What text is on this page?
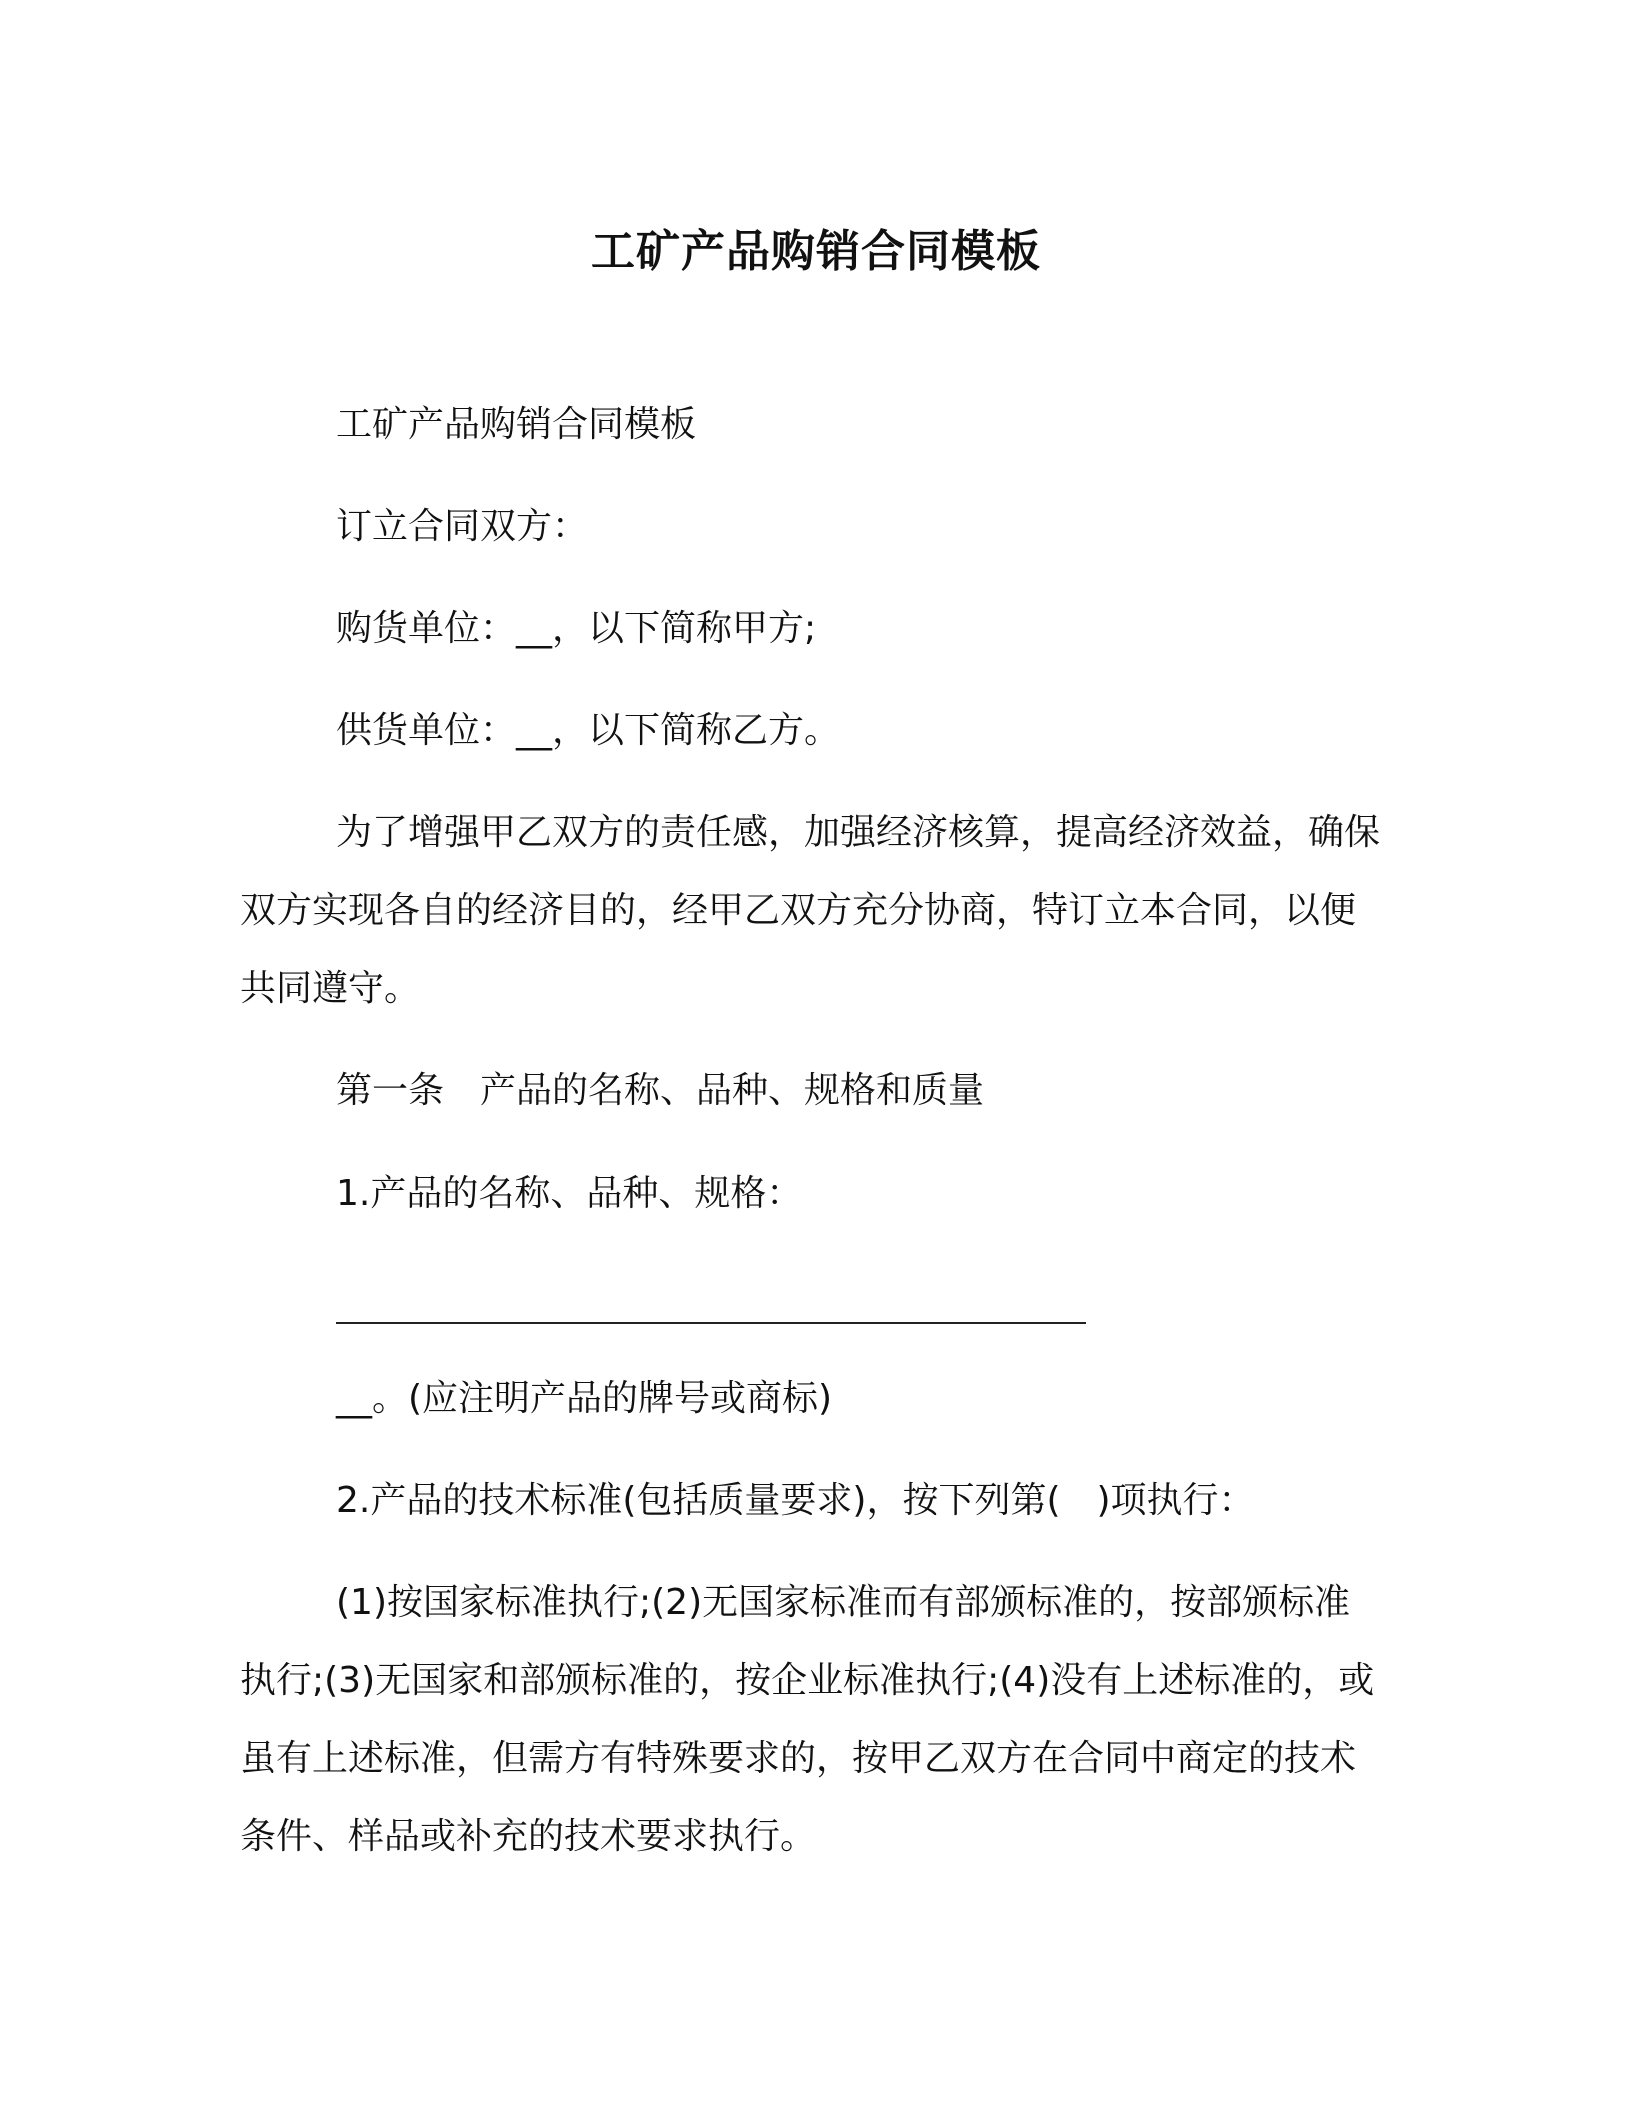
工矿产品购销合同模板
工矿产品购销合同模板
订立合同双方：
购货单位：__，以下简称甲方;
供货单位：__，以下简称乙方。
为了增强甲乙双方的责任感，加强经济核算，提高经济效益，确保双方实现各自的经济目的，经甲乙双方充分协商，特订立本合同，以便共同遵守。
第一条　产品的名称、品种、规格和质量
1.产品的名称、品种、规格：
__。(应注明产品的牌号或商标)
2.产品的技术标准(包括质量要求)，按下列第(　)项执行：
(1)按国家标准执行;(2)无国家标准而有部颁标准的，按部颁标准执行;(3)无国家和部颁标准的，按企业标准执行;(4)没有上述标准的，或虽有上述标准，但需方有特殊要求的，按甲乙双方在合同中商定的技术条件、样品或补充的技术要求执行。
